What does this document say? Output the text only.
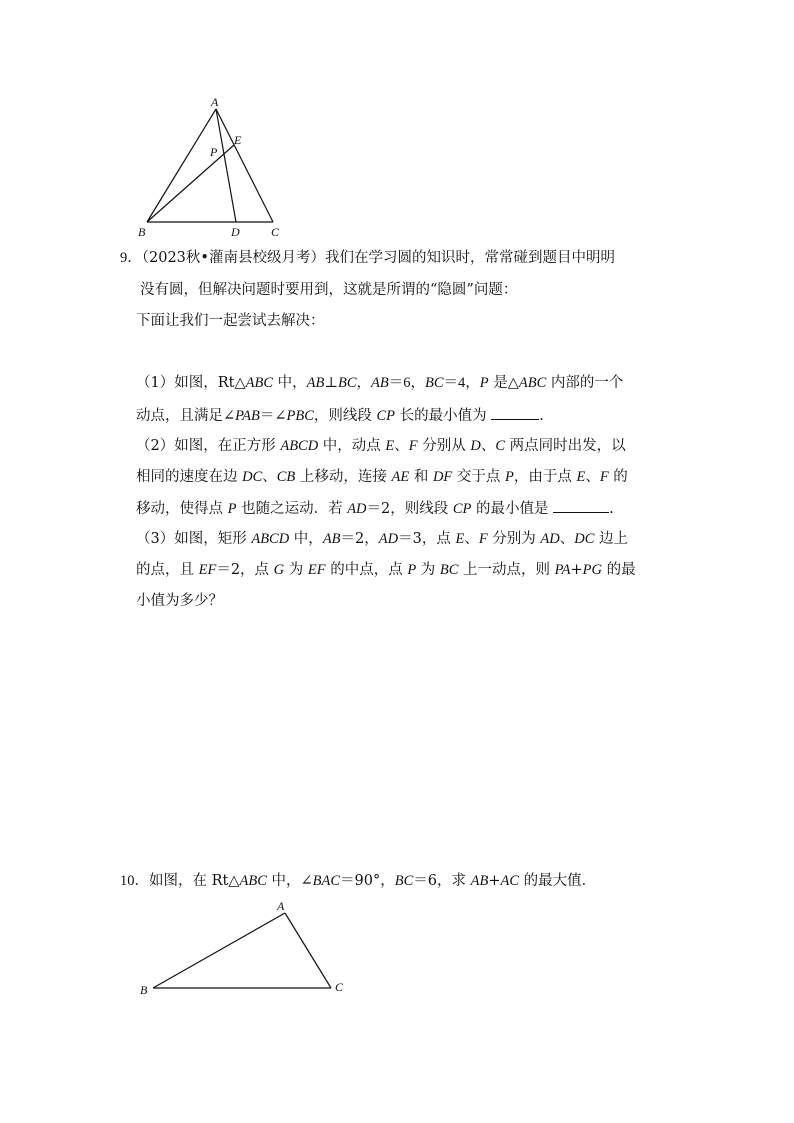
A
E
P
B	D	C
9．（2023秋•灌南县校级月考）我们在学习圆的知识时，常常碰到题目中明明
没有圆，但解决问题时要用到，这就是所谓的“隐圆”问题：
下面让我们一起尝试去解决：
（1）如图，Rt△ABC 中，AB⊥BC，AB＝6，BC＝4，P 是△ABC 内部的一个
动点，且满足∠PAB＝∠PBC，则线段 CP 长的最小值为	.
（2）如图，在正方形 ABCD 中，动点 E、F 分别从 D、C 两点同时出发，以
相同的速度在边 DC、CB 上移动，连接 AE 和 DF 交于点 P，由于点 E、F 的
移动，使得点 P 也随之运动．若 AD＝2，则线段 CP 的最小值是	.
（3）如图，矩形 ABCD 中，AB＝2，AD＝3，点 E、F 分别为 AD、DC 边上
的点，且 EF＝2，点 G 为 EF 的中点，点 P 为 BC 上一动点，则 PA+PG 的最
小值为多少？
10．如图，在 Rt△ABC 中，∠BAC＝90°，BC＝6，求 AB+AC 的最大值．
A
B	C
